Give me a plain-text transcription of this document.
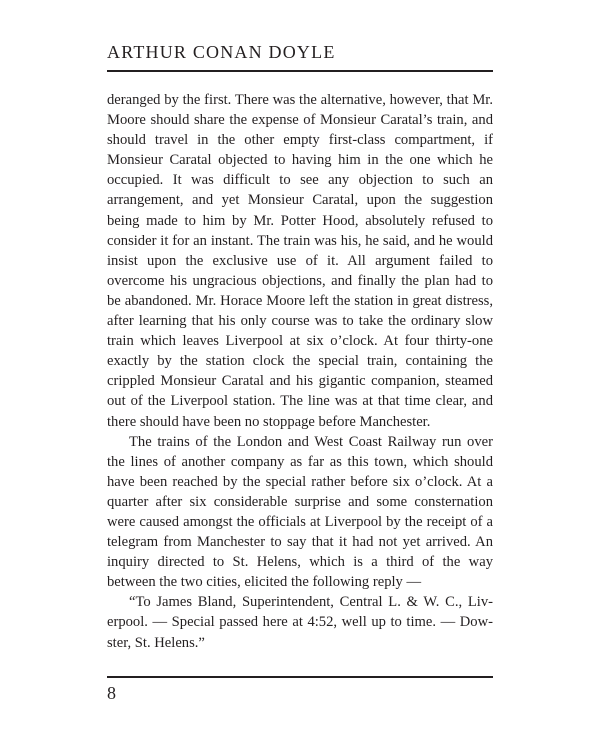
ARTHUR CONAN DOYLE

deranged by the first. There was the alternative, however, that Mr. Moore should share the expense of Monsieur Caratal’s train, and should travel in the other empty first-class compartment, if Monsieur Caratal objected to having him in the one which he occupied. It was difficult to see any objection to such an arrangement, and yet Monsieur Caratal, upon the suggestion being made to him by Mr. Potter Hood, absolutely refused to consider it for an instant. The train was his, he said, and he would insist upon the exclusive use of it. All argument failed to overcome his ungracious objections, and finally the plan had to be abandoned. Mr. Horace Moore left the station in great distress, after learning that his only course was to take the ordinary slow train which leaves Liverpool at six o’clock. At four thirty-one exactly by the station clock the special train, containing the crippled Monsieur Caratal and his gigantic companion, steamed out of the Liverpool station. The line was at that time clear, and there should have been no stoppage before Manchester.

The trains of the London and West Coast Railway run over the lines of another company as far as this town, which should have been reached by the special rather before six o’clock. At a quarter after six considerable surprise and some consternation were caused amongst the officials at Liverpool by the receipt of a telegram from Manchester to say that it had not yet arrived. An inquiry directed to St. Helens, which is a third of the way between the two cities, elicited the following reply —

“To James Bland, Superintendent, Central L. & W. C., Liverpool. — Special passed here at 4:52, well up to time. — Dowster, St. Helens.”

8
